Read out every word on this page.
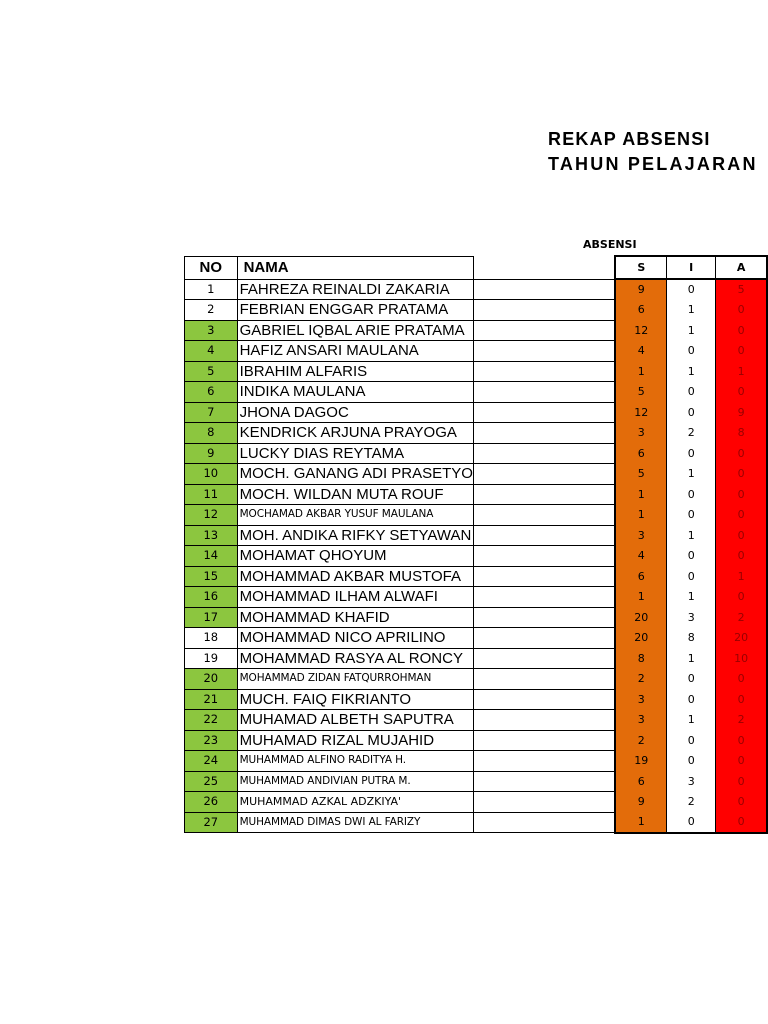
REKAP ABSENSI
TAHUN PELAJARAN
ABSENSI
NO	NAMA		S	I	A
1	FAHREZA REINALDI ZAKARIA		9	0	5
2	FEBRIAN ENGGAR PRATAMA		6	1	0
3	GABRIEL IQBAL ARIE PRATAMA		12	1	0
4	HAFIZ ANSARI MAULANA		4	0	0
5	IBRAHIM ALFARIS		1	1	1
6	INDIKA MAULANA		5	0	0
7	JHONA DAGOC		12	0	9
8	KENDRICK ARJUNA PRAYOGA		3	2	8
9	LUCKY DIAS REYTAMA		6	0	0
10	MOCH. GANANG ADI PRASETYO		5	1	0
11	MOCH. WILDAN MUTA ROUF		1	0	0
12	MOCHAMAD AKBAR YUSUF MAULANA		1	0	0
13	MOH. ANDIKA RIFKY SETYAWAN		3	1	0
14	MOHAMAT QHOYUM		4	0	0
15	MOHAMMAD AKBAR MUSTOFA		6	0	1
16	MOHAMMAD ILHAM ALWAFI		1	1	0
17	MOHAMMAD KHAFID		20	3	2
18	MOHAMMAD NICO APRILINO		20	8	20
19	MOHAMMAD RASYA AL RONCY		8	1	10
20	MOHAMMAD ZIDAN FATQURROHMAN		2	0	0
21	MUCH. FAIQ FIKRIANTO		3	0	0
22	MUHAMAD ALBETH SAPUTRA		3	1	2
23	MUHAMAD RIZAL MUJAHID		2	0	0
24	MUHAMMAD ALFINO RADITYA H.		19	0	0
25	MUHAMMAD ANDIVIAN PUTRA M.		6	3	0
26	MUHAMMAD AZKAL ADZKIYA'		9	2	0
27	MUHAMMAD DIMAS DWI AL FARIZY		1	0	0
